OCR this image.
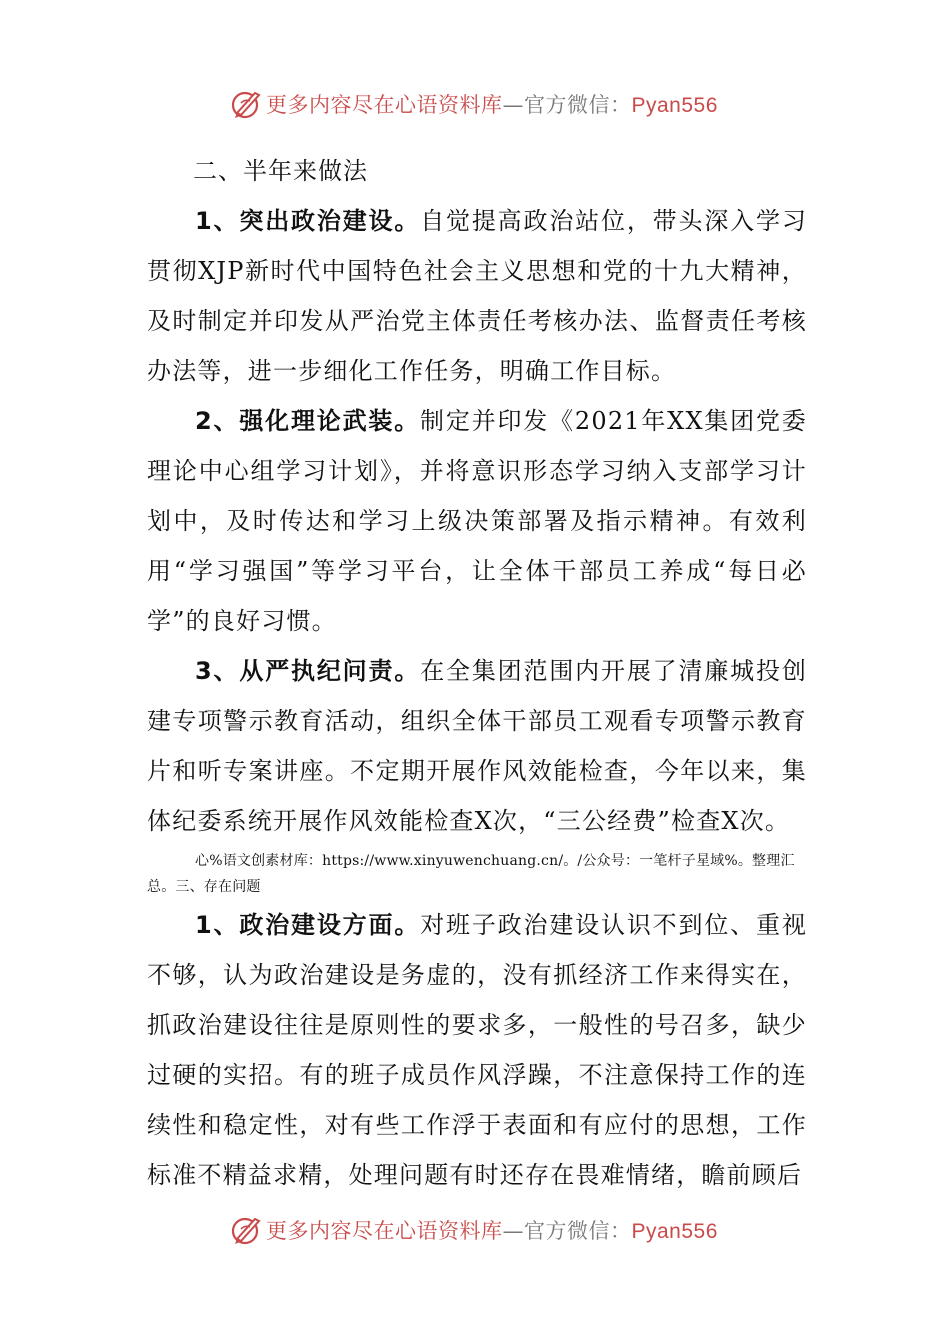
更多内容尽在心语资料库—官方微信：Pyan556
二、半年来做法

1、突出政治建设。自觉提高政治站位，带头深入学习贯彻XJP新时代中国特色社会主义思想和党的十九大精神，及时制定并印发从严治党主体责任考核办法、监督责任考核办法等，进一步细化工作任务，明确工作目标。

2、强化理论武装。制定并印发《2021年XX集团党委理论中心组学习计划》，并将意识形态学习纳入支部学习计划中，及时传达和学习上级决策部署及指示精神。有效利用“学习强国”等学习平台，让全体干部员工养成“每日必学”的良好习惯。

3、从严执纪问责。在全集团范围内开展了清廉城投创建专项警示教育活动，组织全体干部员工观看专项警示教育片和听专案讲座。不定期开展作风效能检查，今年以来，集体纪委系统开展作风效能检查X次，“三公经费”检查X次。

心%语文创素材库：https://www.xinyuwenchuang.cn/。/公众号：一笔杆子星域%。整理汇总。三、存在问题

1、政治建设方面。对班子政治建设认识不到位、重视不够，认为政治建设是务虚的，没有抓经济工作来得实在，抓政治建设往往是原则性的要求多，一般性的号召多，缺少过硬的实招。有的班子成员作风浮躁，不注意保持工作的连续性和稳定性，对有些工作浮于表面和有应付的思想，工作标准不精益求精，处理问题有时还存在畏难情绪，瞻前顾后

更多内容尽在心语资料库—官方微信：Pyan556
